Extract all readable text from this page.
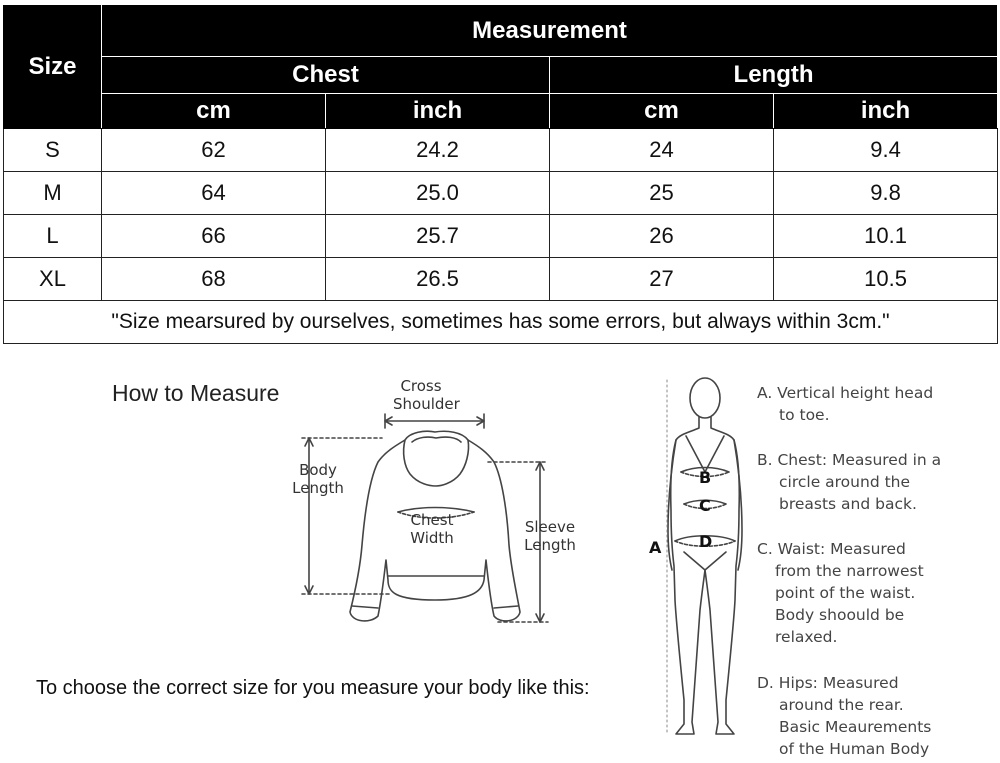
Size	Measurement			
	Chest		Length	
	cm	inch	cm	inch
S	62	24.2	24	9.4
M	64	25.0	25	9.8
L	66	25.7	26	10.1
XL	68	26.5	27	10.5
"Size mearsured by ourselves, sometimes has some errors, but always within 3cm."				
How to Measure	Cross
Shoulder
Body
Length
Chest
Width
Sleeve
Length	A
B
C
D
A. Vertical height head
to toe.
B. Chest: Measured in a
circle around the
breasts and back.
C. Waist: Measured
from the narrowest
point of the waist.
Body shoould be
relaxed.
D. Hips: Measured
around the rear.
Basic Meaurements
of the Human Body
To choose the correct size for you measure your body like this:
